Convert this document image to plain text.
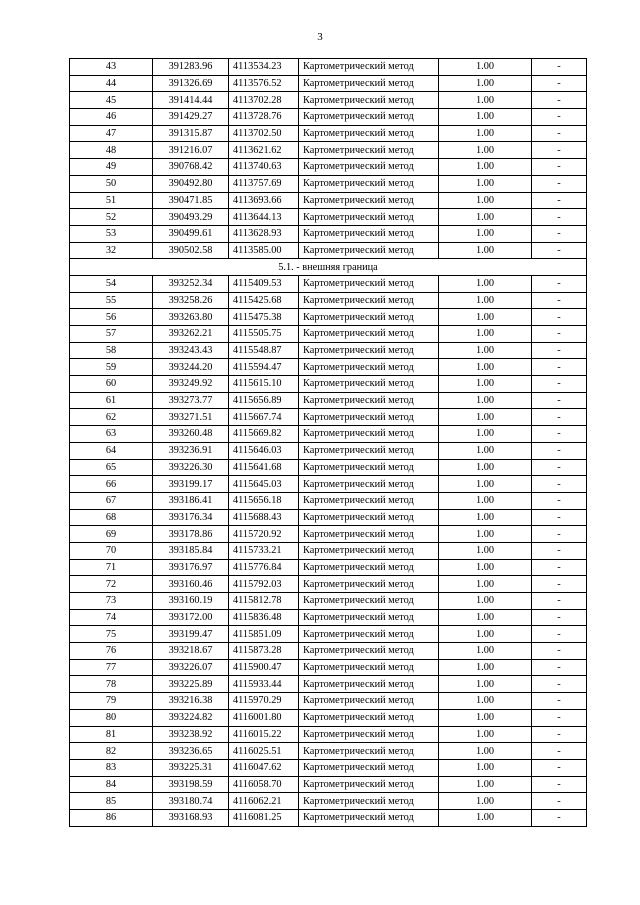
3
43	391283.96	4113534.23	Картометрический метод	1.00	-
44	391326.69	4113576.52	Картометрический метод	1.00	-
45	391414.44	4113702.28	Картометрический метод	1.00	-
46	391429.27	4113728.76	Картометрический метод	1.00	-
47	391315.87	4113702.50	Картометрический метод	1.00	-
48	391216.07	4113621.62	Картометрический метод	1.00	-
49	390768.42	4113740.63	Картометрический метод	1.00	-
50	390492.80	4113757.69	Картометрический метод	1.00	-
51	390471.85	4113693.66	Картометрический метод	1.00	-
52	390493.29	4113644.13	Картометрический метод	1.00	-
53	390499.61	4113628.93	Картометрический метод	1.00	-
32	390502.58	4113585.00	Картометрический метод	1.00	-
5.1. - внешняя граница					
54	393252.34	4115409.53	Картометрический метод	1.00	-
55	393258.26	4115425.68	Картометрический метод	1.00	-
56	393263.80	4115475.38	Картометрический метод	1.00	-
57	393262.21	4115505.75	Картометрический метод	1.00	-
58	393243.43	4115548.87	Картометрический метод	1.00	-
59	393244.20	4115594.47	Картометрический метод	1.00	-
60	393249.92	4115615.10	Картометрический метод	1.00	-
61	393273.77	4115656.89	Картометрический метод	1.00	-
62	393271.51	4115667.74	Картометрический метод	1.00	-
63	393260.48	4115669.82	Картометрический метод	1.00	-
64	393236.91	4115646.03	Картометрический метод	1.00	-
65	393226.30	4115641.68	Картометрический метод	1.00	-
66	393199.17	4115645.03	Картометрический метод	1.00	-
67	393186.41	4115656.18	Картометрический метод	1.00	-
68	393176.34	4115688.43	Картометрический метод	1.00	-
69	393178.86	4115720.92	Картометрический метод	1.00	-
70	393185.84	4115733.21	Картометрический метод	1.00	-
71	393176.97	4115776.84	Картометрический метод	1.00	-
72	393160.46	4115792.03	Картометрический метод	1.00	-
73	393160.19	4115812.78	Картометрический метод	1.00	-
74	393172.00	4115836.48	Картометрический метод	1.00	-
75	393199.47	4115851.09	Картометрический метод	1.00	-
76	393218.67	4115873.28	Картометрический метод	1.00	-
77	393226.07	4115900.47	Картометрический метод	1.00	-
78	393225.89	4115933.44	Картометрический метод	1.00	-
79	393216.38	4115970.29	Картометрический метод	1.00	-
80	393224.82	4116001.80	Картометрический метод	1.00	-
81	393238.92	4116015.22	Картометрический метод	1.00	-
82	393236.65	4116025.51	Картометрический метод	1.00	-
83	393225.31	4116047.62	Картометрический метод	1.00	-
84	393198.59	4116058.70	Картометрический метод	1.00	-
85	393180.74	4116062.21	Картометрический метод	1.00	-
86	393168.93	4116081.25	Картометрический метод	1.00	-
